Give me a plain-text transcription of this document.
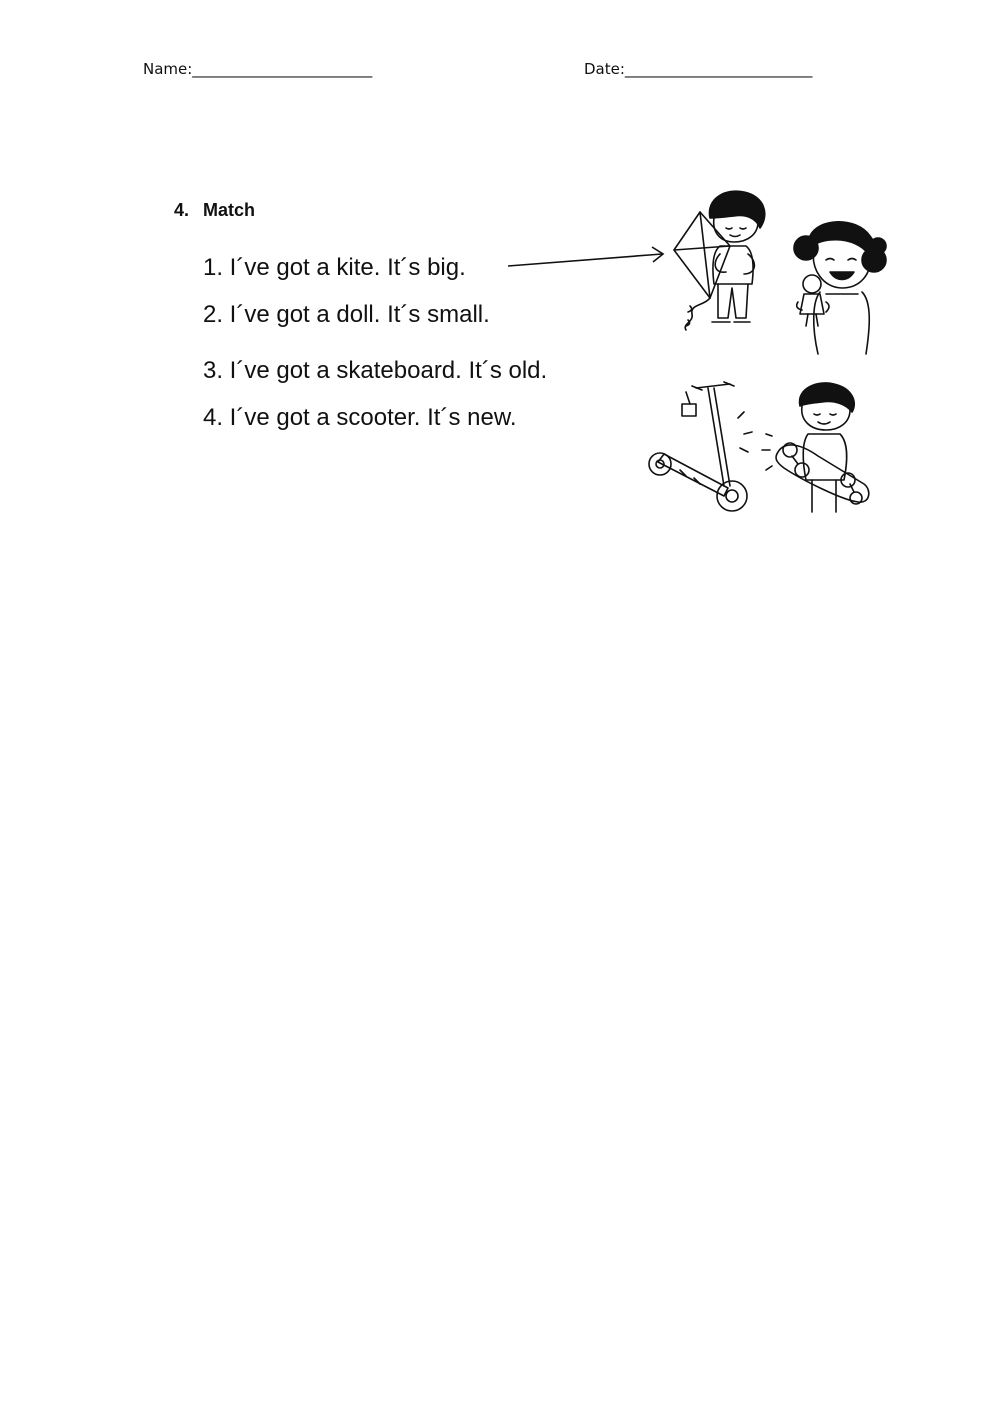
Name:________________________	Date:_________________________
4. Match
1. I´ve got a kite. It´s big.
2. I´ve got a doll. It´s small.
3. I´ve got a skateboard. It´s old.
4. I´ve got a scooter. It´s new.
